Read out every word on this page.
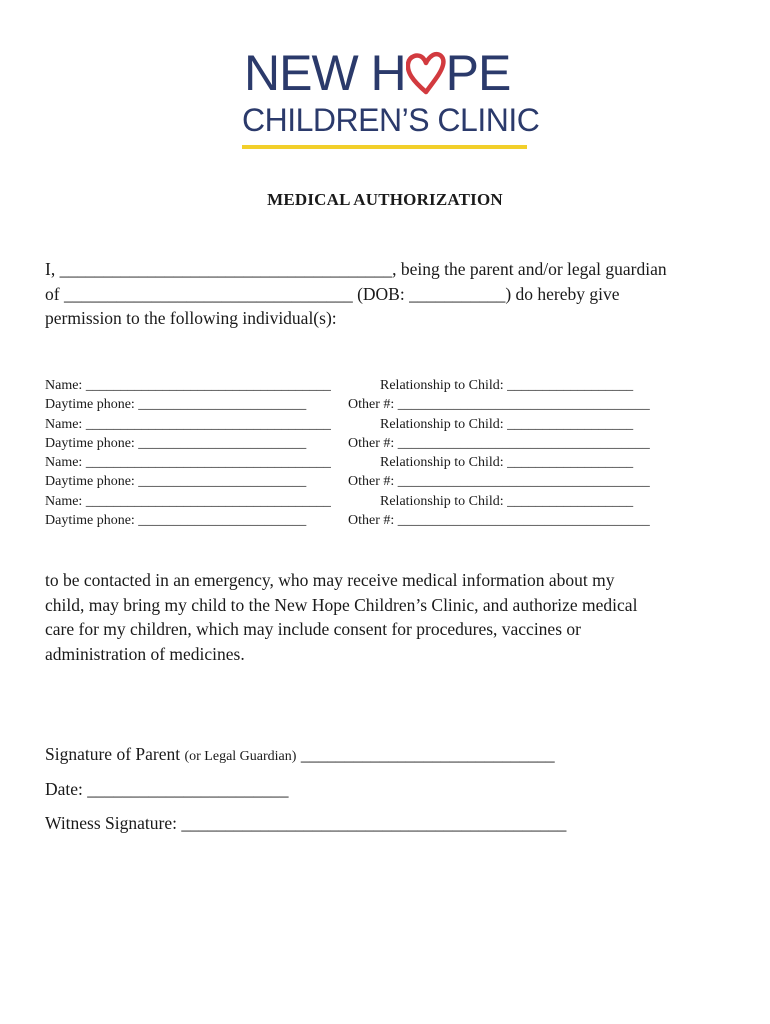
NEW H PE
CHILDREN’S CLINIC
MEDICAL AUTHORIZATION
I, ______________________________________, being the parent and/or legal guardian
of _________________________________ (DOB: ___________) do hereby give
permission to the following individual(s):
Name: ___________________________________	Relationship to Child: __________________
Daytime phone: ________________________	Other #: ____________________________________
Name: ___________________________________	Relationship to Child: __________________
Daytime phone: ________________________	Other #: ____________________________________
Name: ___________________________________	Relationship to Child: __________________
Daytime phone: ________________________	Other #: ____________________________________
Name: ___________________________________	Relationship to Child: __________________
Daytime phone: ________________________	Other #: ____________________________________
to be contacted in an emergency, who may receive medical information about my
child, may bring my child to the New Hope Children’s Clinic, and authorize medical
care for my children, which may include consent for procedures, vaccines or
administration of medicines.
Signature of Parent (or Legal Guardian) _____________________________
Date: _______________________
Witness Signature: ____________________________________________
